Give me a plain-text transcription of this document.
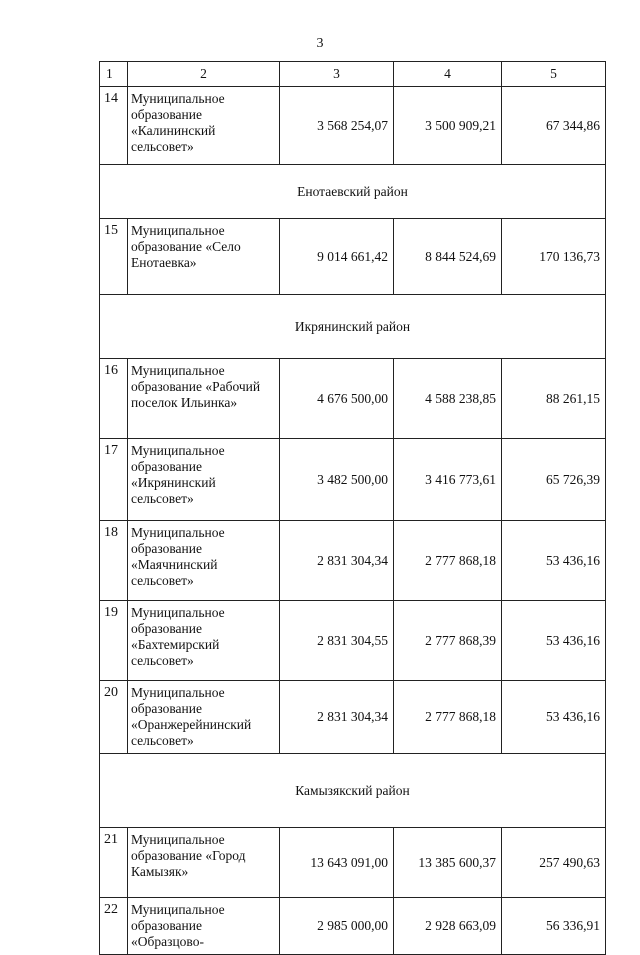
3
1	2	3	4	5
14	Муниципальное образование «Калининский сельсовет»	3 568 254,07	3 500 909,21	67 344,86
Енотаевский район				
15	Муниципальное образование «Село Енотаевка»	9 014 661,42	8 844 524,69	170 136,73
Икрянинский район				
16	Муниципальное образование «Рабочий поселок Ильинка»	4 676 500,00	4 588 238,85	88 261,15
17	Муниципальное образование «Икрянинский сельсовет»	3 482 500,00	3 416 773,61	65 726,39
18	Муниципальное образование «Маячнинский сельсовет»	2 831 304,34	2 777 868,18	53 436,16
19	Муниципальное образование «Бахтемирский сельсовет»	2 831 304,55	2 777 868,39	53 436,16
20	Муниципальное образование «Оранжерейнинский сельсовет»	2 831 304,34	2 777 868,18	53 436,16
Камызякский район				
21	Муниципальное образование «Город Камызяк»	13 643 091,00	13 385 600,37	257 490,63
22	Муниципальное образование «Образцово-	2 985 000,00	2 928 663,09	56 336,91
